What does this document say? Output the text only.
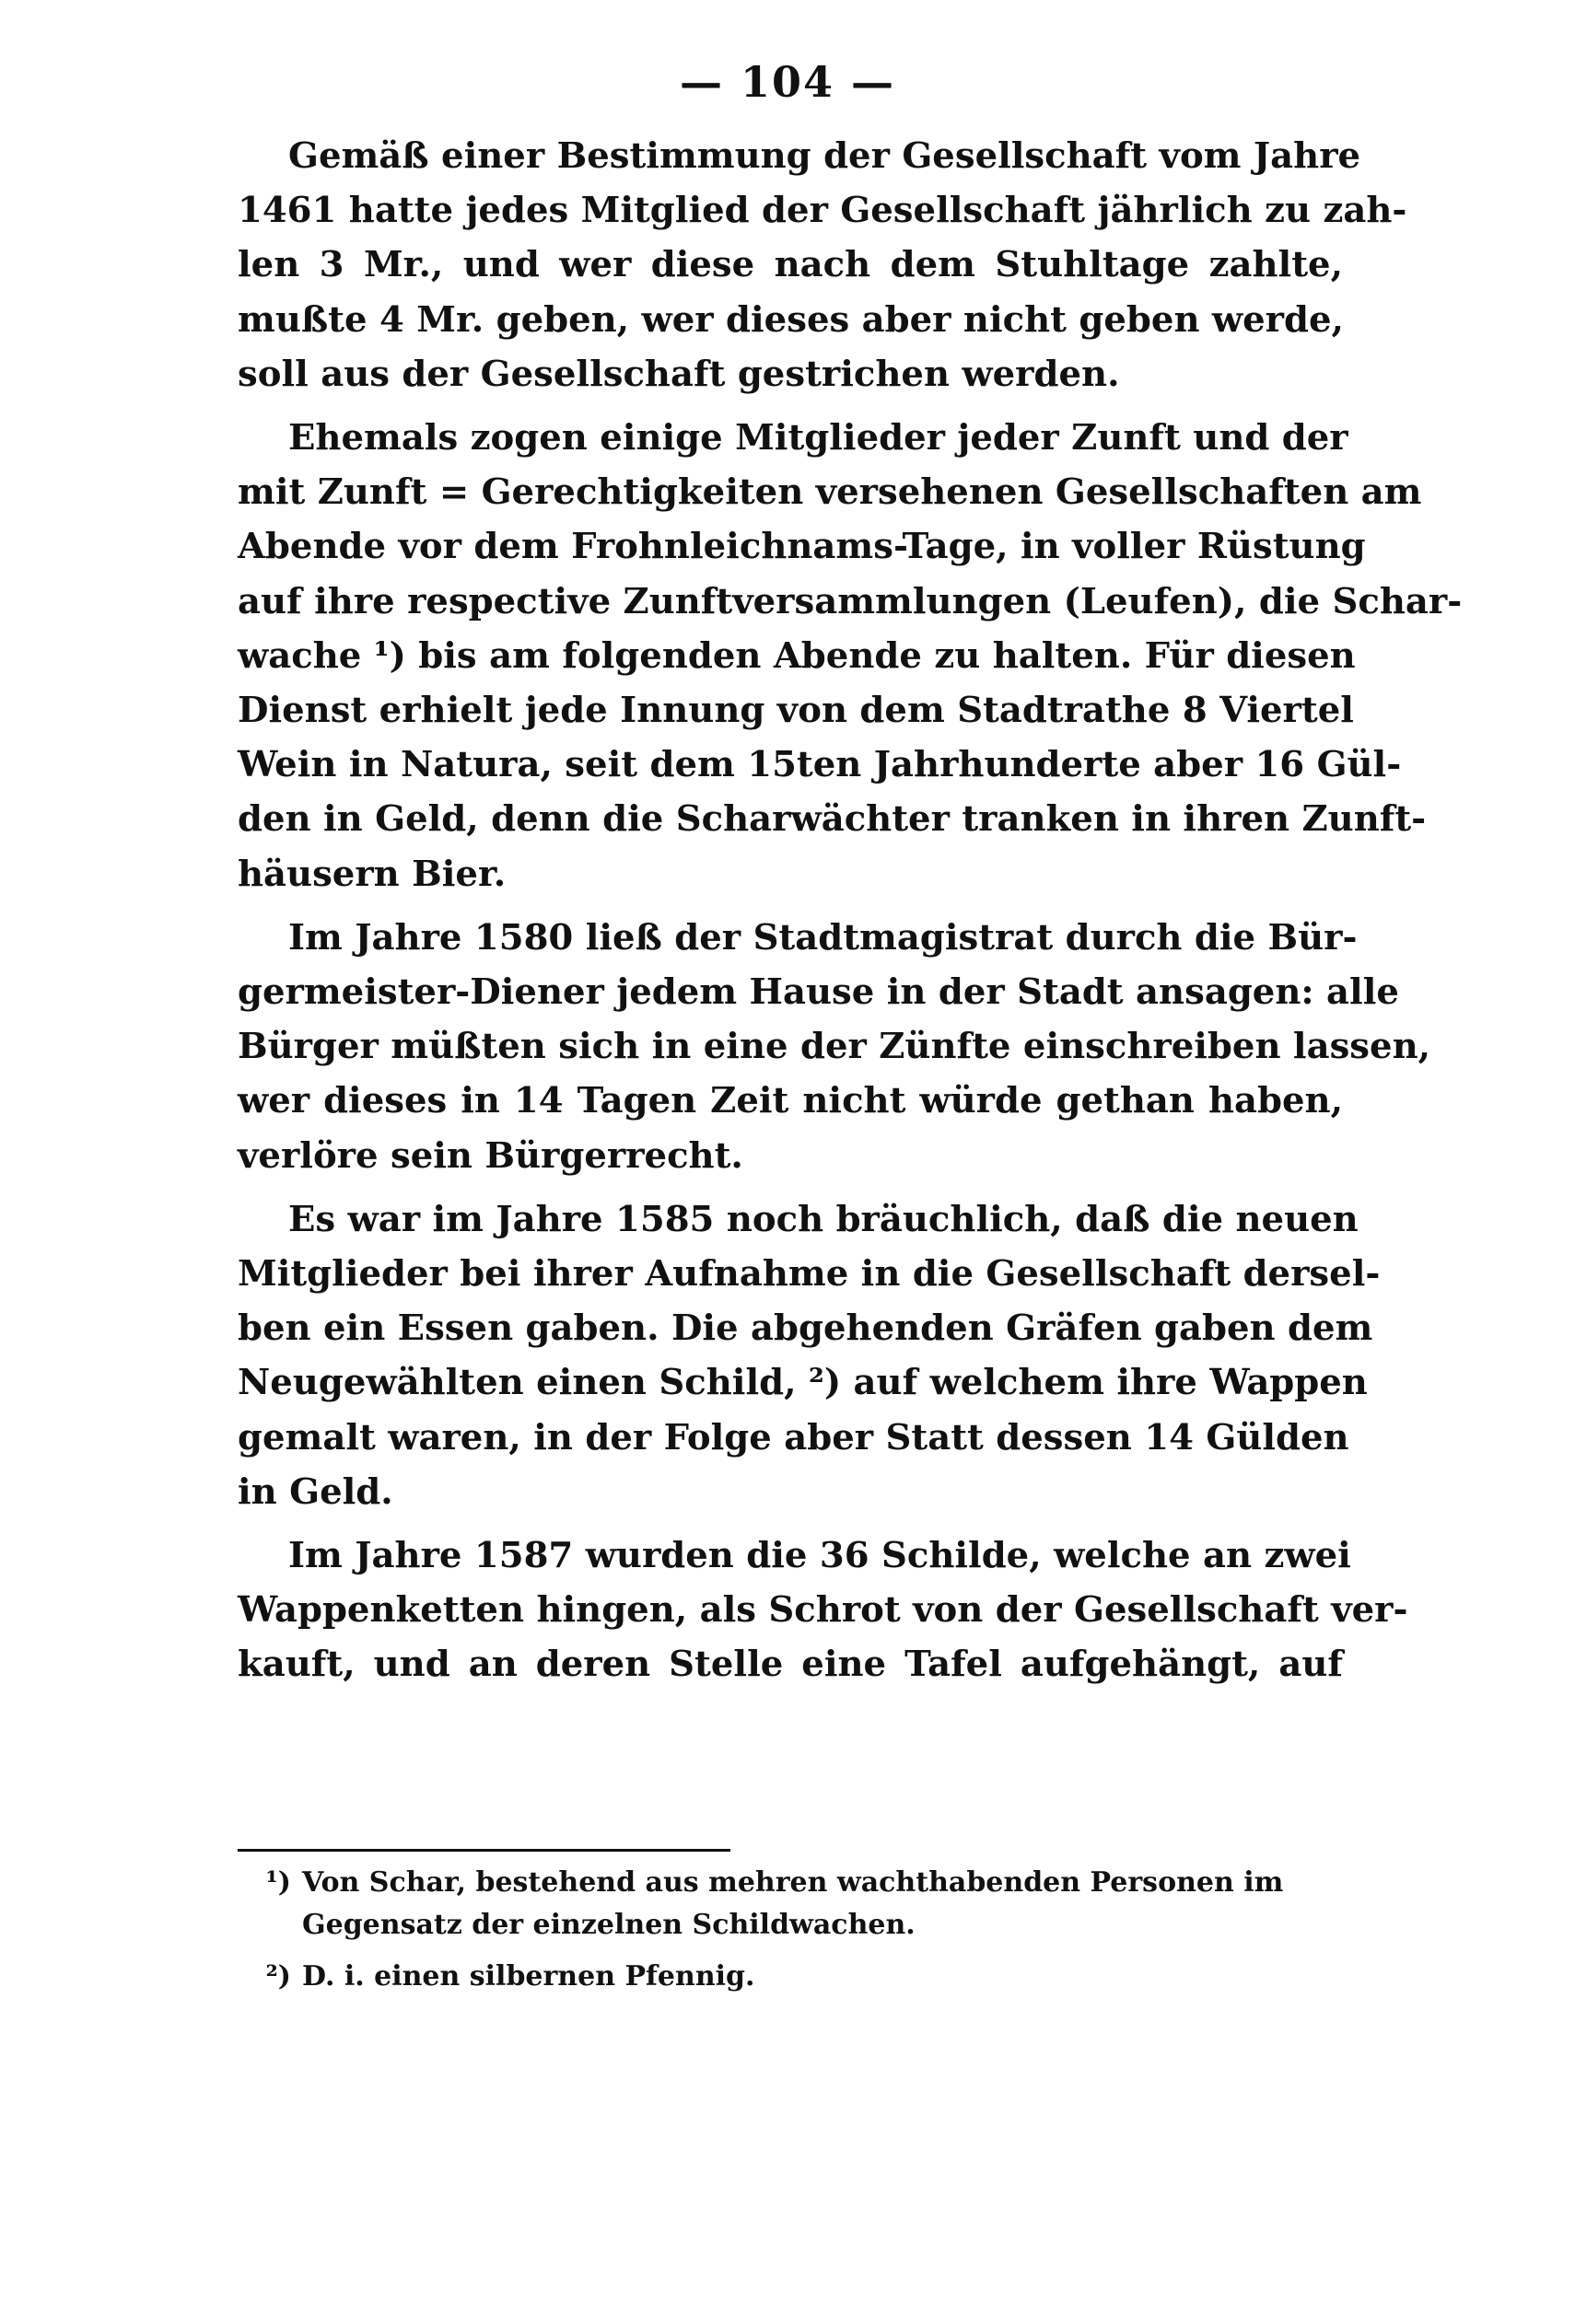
— 104 —
Gemäß einer Bestimmung der Gesellschaft vom Jahre
1461 hatte jedes Mitglied der Gesellschaft jährlich zu zah-
len 3 Mr., und wer diese nach dem Stuhltage zahlte,
mußte 4 Mr. geben, wer dieses aber nicht geben werde,
soll aus der Gesellschaft gestrichen werden.
Ehemals zogen einige Mitglieder jeder Zunft und der
mit Zunft = Gerechtigkeiten versehenen Gesellschaften am
Abende vor dem Frohnleichnams-Tage, in voller Rüstung
auf ihre respective Zunftversammlungen (Leufen), die Schar-
wache ¹) bis am folgenden Abende zu halten. Für diesen
Dienst erhielt jede Innung von dem Stadtrathe 8 Viertel
Wein in Natura, seit dem 15ten Jahrhunderte aber 16 Gül-
den in Geld, denn die Scharwächter tranken in ihren Zunft-
häusern Bier.
Im Jahre 1580 ließ der Stadtmagistrat durch die Bür-
germeister-Diener jedem Hause in der Stadt ansagen: alle
Bürger müßten sich in eine der Zünfte einschreiben lassen,
wer dieses in 14 Tagen Zeit nicht würde gethan haben,
verlöre sein Bürgerrecht.
Es war im Jahre 1585 noch bräuchlich, daß die neuen
Mitglieder bei ihrer Aufnahme in die Gesellschaft dersel-
ben ein Essen gaben. Die abgehenden Gräfen gaben dem
Neugewählten einen Schild, ²) auf welchem ihre Wappen
gemalt waren, in der Folge aber Statt dessen 14 Gülden
in Geld.
Im Jahre 1587 wurden die 36 Schilde, welche an zwei
Wappenketten hingen, als Schrot von der Gesellschaft ver-
kauft, und an deren Stelle eine Tafel aufgehängt, auf

¹) Von Schar, bestehend aus mehren wachthabenden Personen im Gegensatz der einzelnen Schildwachen.

²) D. i. einen silbernen Pfennig.
